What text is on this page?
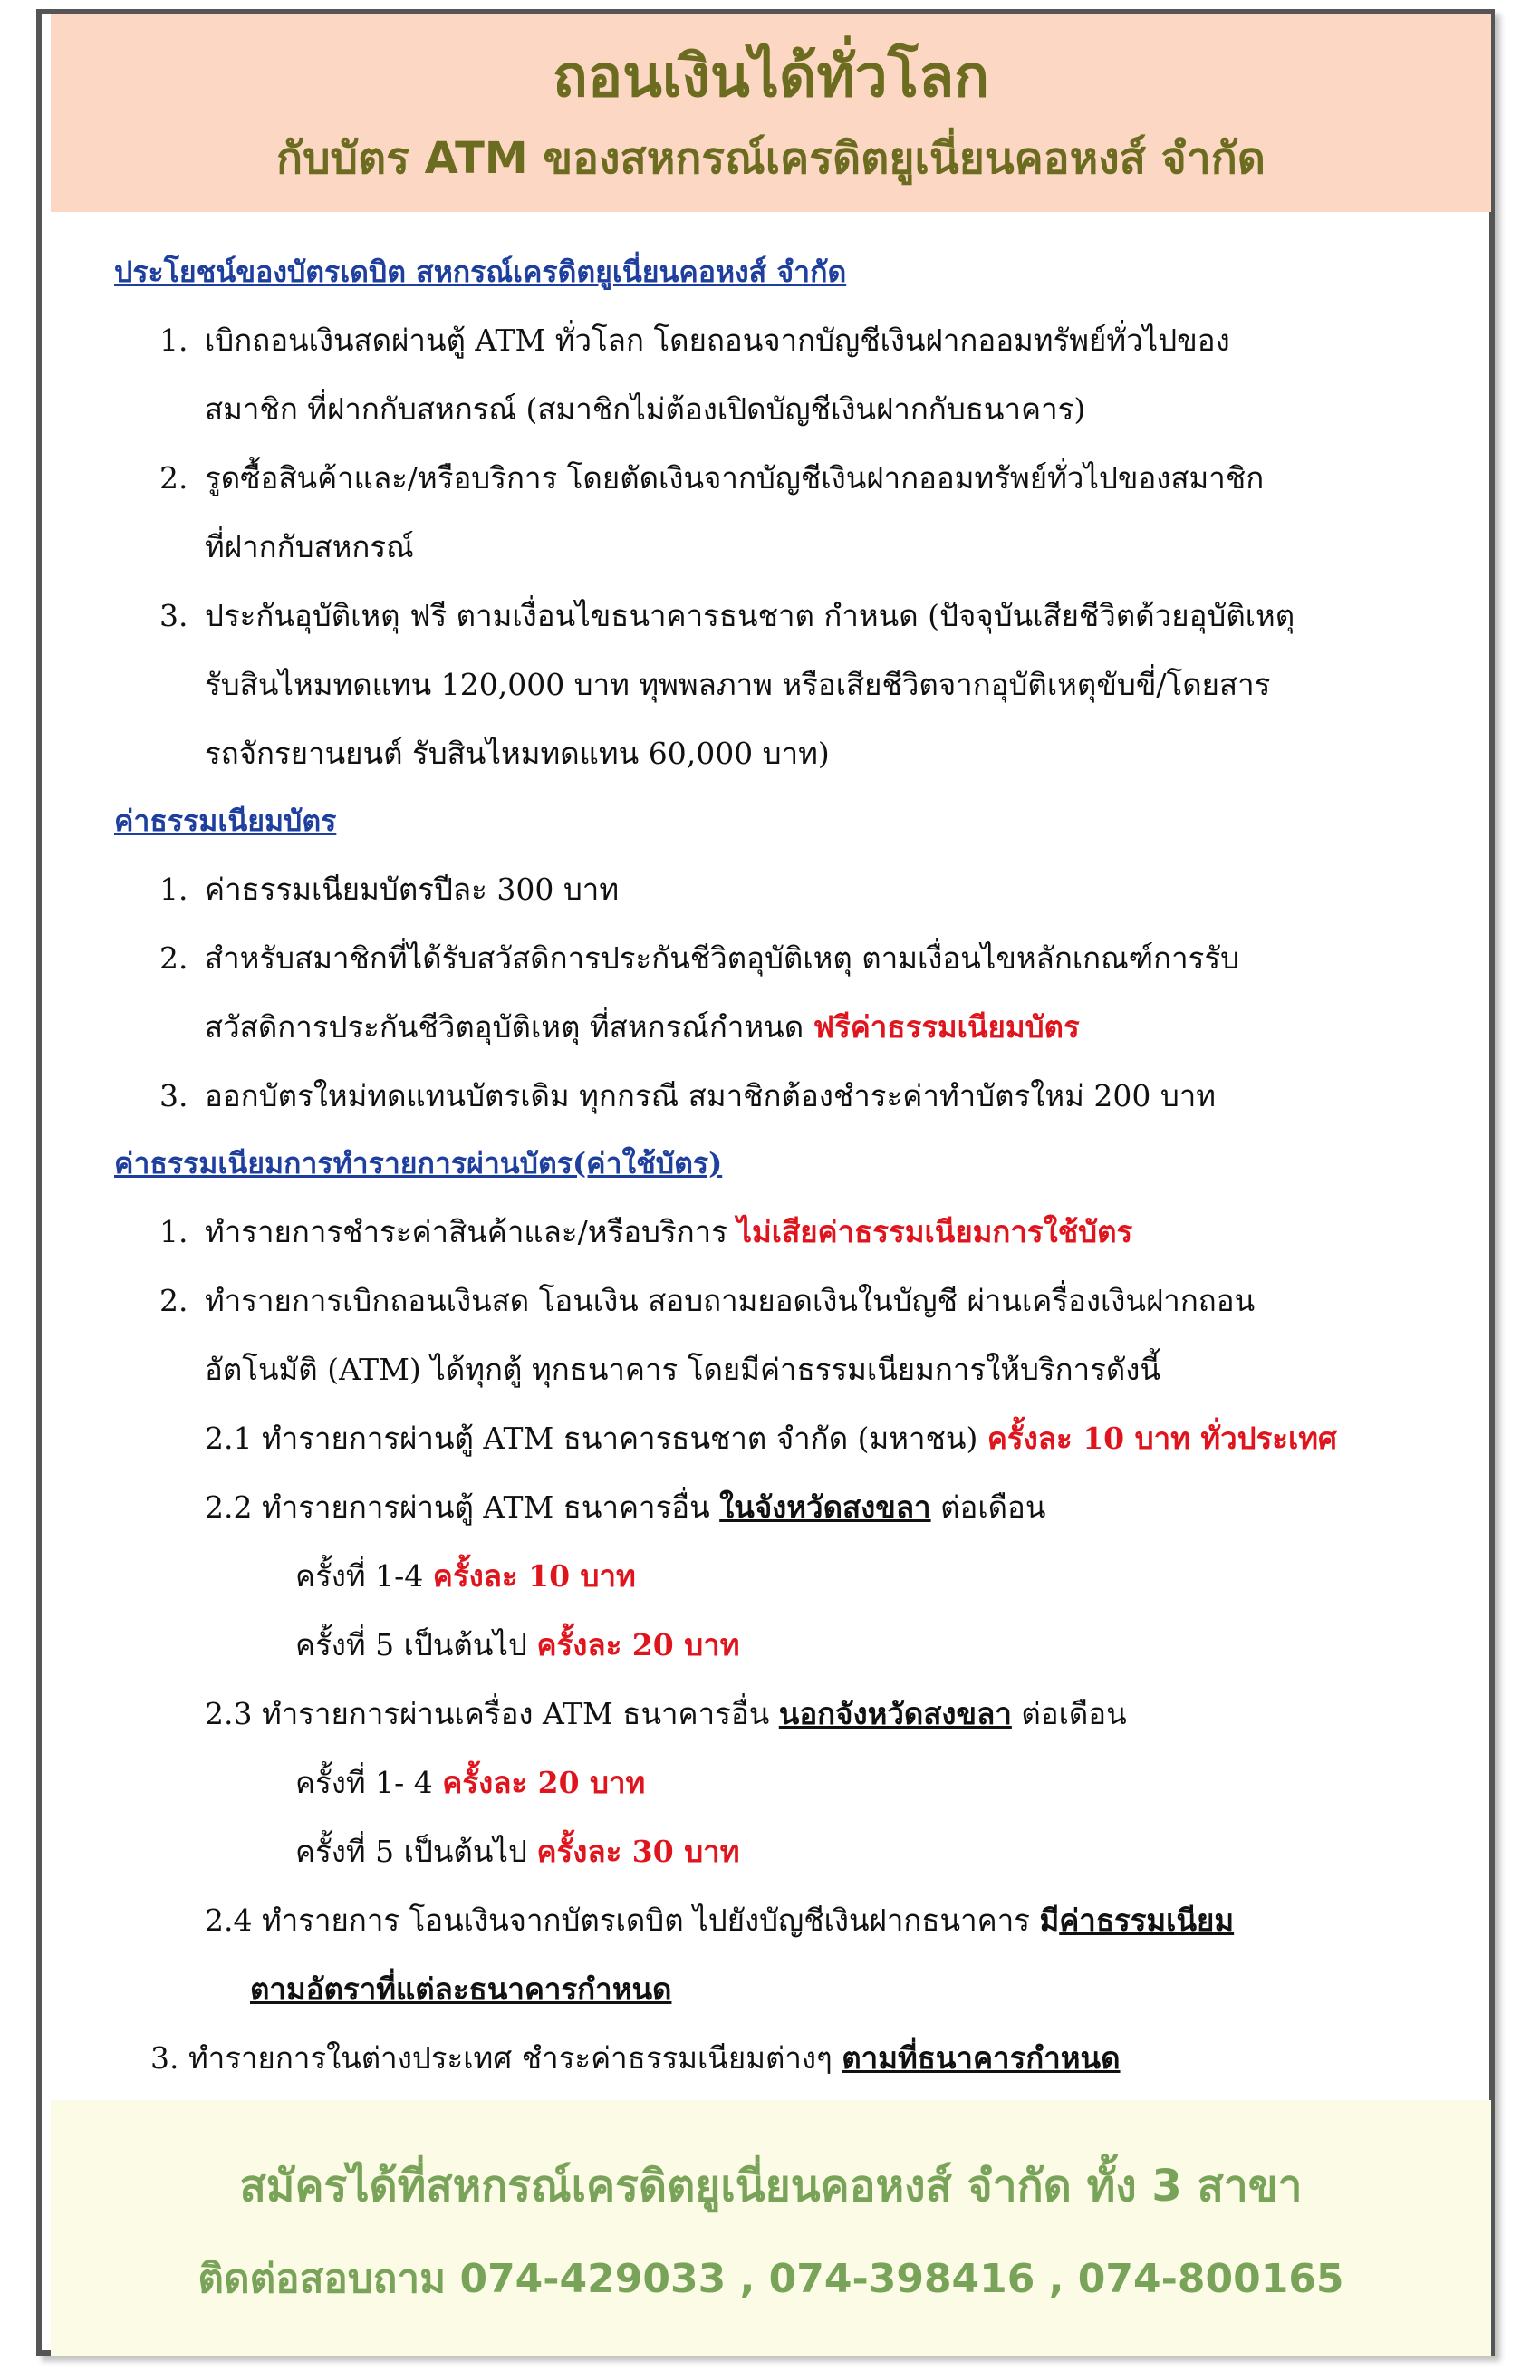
ถอนเงินได้ทั่วโลก
กับบัตร ATM ของสหกรณ์เครดิตยูเนี่ยนคอหงส์ จำกัด
ประโยชน์ของบัตรเดบิต สหกรณ์เครดิตยูเนี่ยนคอหงส์ จำกัด
1. เบิกถอนเงินสดผ่านตู้ ATM ทั่วโลก โดยถอนจากบัญชีเงินฝากออมทรัพย์ทั่วไปของ
สมาชิก ที่ฝากกับสหกรณ์ (สมาชิกไม่ต้องเปิดบัญชีเงินฝากกับธนาคาร)
2. รูดซื้อสินค้าและ/หรือบริการ โดยตัดเงินจากบัญชีเงินฝากออมทรัพย์ทั่วไปของสมาชิก
ที่ฝากกับสหกรณ์
3. ประกันอุบัติเหตุ ฟรี ตามเงื่อนไขธนาคารธนชาต กำหนด (ปัจจุบันเสียชีวิตด้วยอุบัติเหตุ
รับสินไหมทดแทน 120,000 บาท ทุพพลภาพ หรือเสียชีวิตจากอุบัติเหตุขับขี่/โดยสาร
รถจักรยานยนต์ รับสินไหมทดแทน 60,000 บาท)
ค่าธรรมเนียมบัตร
1. ค่าธรรมเนียมบัตรปีละ 300 บาท
2. สำหรับสมาชิกที่ได้รับสวัสดิการประกันชีวิตอุบัติเหตุ ตามเงื่อนไขหลักเกณฑ์การรับ
สวัสดิการประกันชีวิตอุบัติเหตุ ที่สหกรณ์กำหนด ฟรีค่าธรรมเนียมบัตร
3. ออกบัตรใหม่ทดแทนบัตรเดิม ทุกกรณี สมาชิกต้องชำระค่าทำบัตรใหม่ 200 บาท
ค่าธรรมเนียมการทำรายการผ่านบัตร(ค่าใช้บัตร)
1. ทำรายการชำระค่าสินค้าและ/หรือบริการ ไม่เสียค่าธรรมเนียมการใช้บัตร
2. ทำรายการเบิกถอนเงินสด โอนเงิน สอบถามยอดเงินในบัญชี ผ่านเครื่องเงินฝากถอน
อัตโนมัติ (ATM) ได้ทุกตู้ ทุกธนาคาร โดยมีค่าธรรมเนียมการให้บริการดังนี้
2.1 ทำรายการผ่านตู้ ATM ธนาคารธนชาต จำกัด (มหาชน) ครั้งละ 10 บาท ทั่วประเทศ
2.2 ทำรายการผ่านตู้ ATM ธนาคารอื่น ในจังหวัดสงขลา ต่อเดือน
ครั้งที่ 1-4 ครั้งละ 10 บาท
ครั้งที่ 5 เป็นต้นไป ครั้งละ 20 บาท
2.3 ทำรายการผ่านเครื่อง ATM ธนาคารอื่น นอกจังหวัดสงขลา ต่อเดือน
ครั้งที่ 1- 4 ครั้งละ 20 บาท
ครั้งที่ 5 เป็นต้นไป ครั้งละ 30 บาท
2.4 ทำรายการ โอนเงินจากบัตรเดบิต ไปยังบัญชีเงินฝากธนาคาร มีค่าธรรมเนียม
ตามอัตราที่แต่ละธนาคารกำหนด
3. ทำรายการในต่างประเทศ ชำระค่าธรรมเนียมต่างๆ ตามที่ธนาคารกำหนด
สมัครได้ที่สหกรณ์เครดิตยูเนี่ยนคอหงส์ จำกัด ทั้ง 3 สาขา
ติดต่อสอบถาม 074-429033 , 074-398416 , 074-800165
